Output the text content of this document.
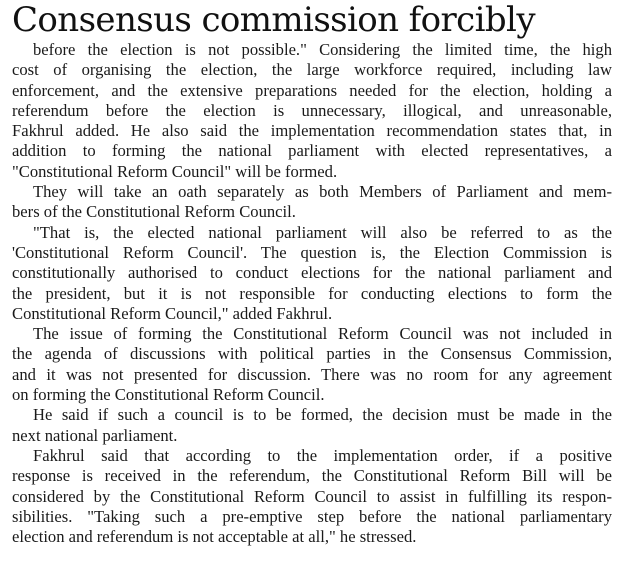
Consensus commission forcibly
before the election is not possible." Considering the limited time, the high
cost of organising the election, the large workforce required, including law
enforcement, and the extensive preparations needed for the election, holding a
referendum before the election is unnecessary, illogical, and unreasonable,
Fakhrul added. He also said the implementation recommendation states that, in
addition to forming the national parliament with elected representatives, a
"Constitutional Reform Council" will be formed.
They will take an oath separately as both Members of Parliament and mem-
bers of the Constitutional Reform Council.
"That is, the elected national parliament will also be referred to as the
'Constitutional Reform Council'. The question is, the Election Commission is
constitutionally authorised to conduct elections for the national parliament and
the president, but it is not responsible for conducting elections to form the
Constitutional Reform Council," added Fakhrul.
The issue of forming the Constitutional Reform Council was not included in
the agenda of discussions with political parties in the Consensus Commission,
and it was not presented for discussion. There was no room for any agreement
on forming the Constitutional Reform Council.
He said if such a council is to be formed, the decision must be made in the
next national parliament.
Fakhrul said that according to the implementation order, if a positive
response is received in the referendum, the Constitutional Reform Bill will be
considered by the Constitutional Reform Council to assist in fulfilling its respon-
sibilities. "Taking such a pre-emptive step before the national parliamentary
election and referendum is not acceptable at all," he stressed.
